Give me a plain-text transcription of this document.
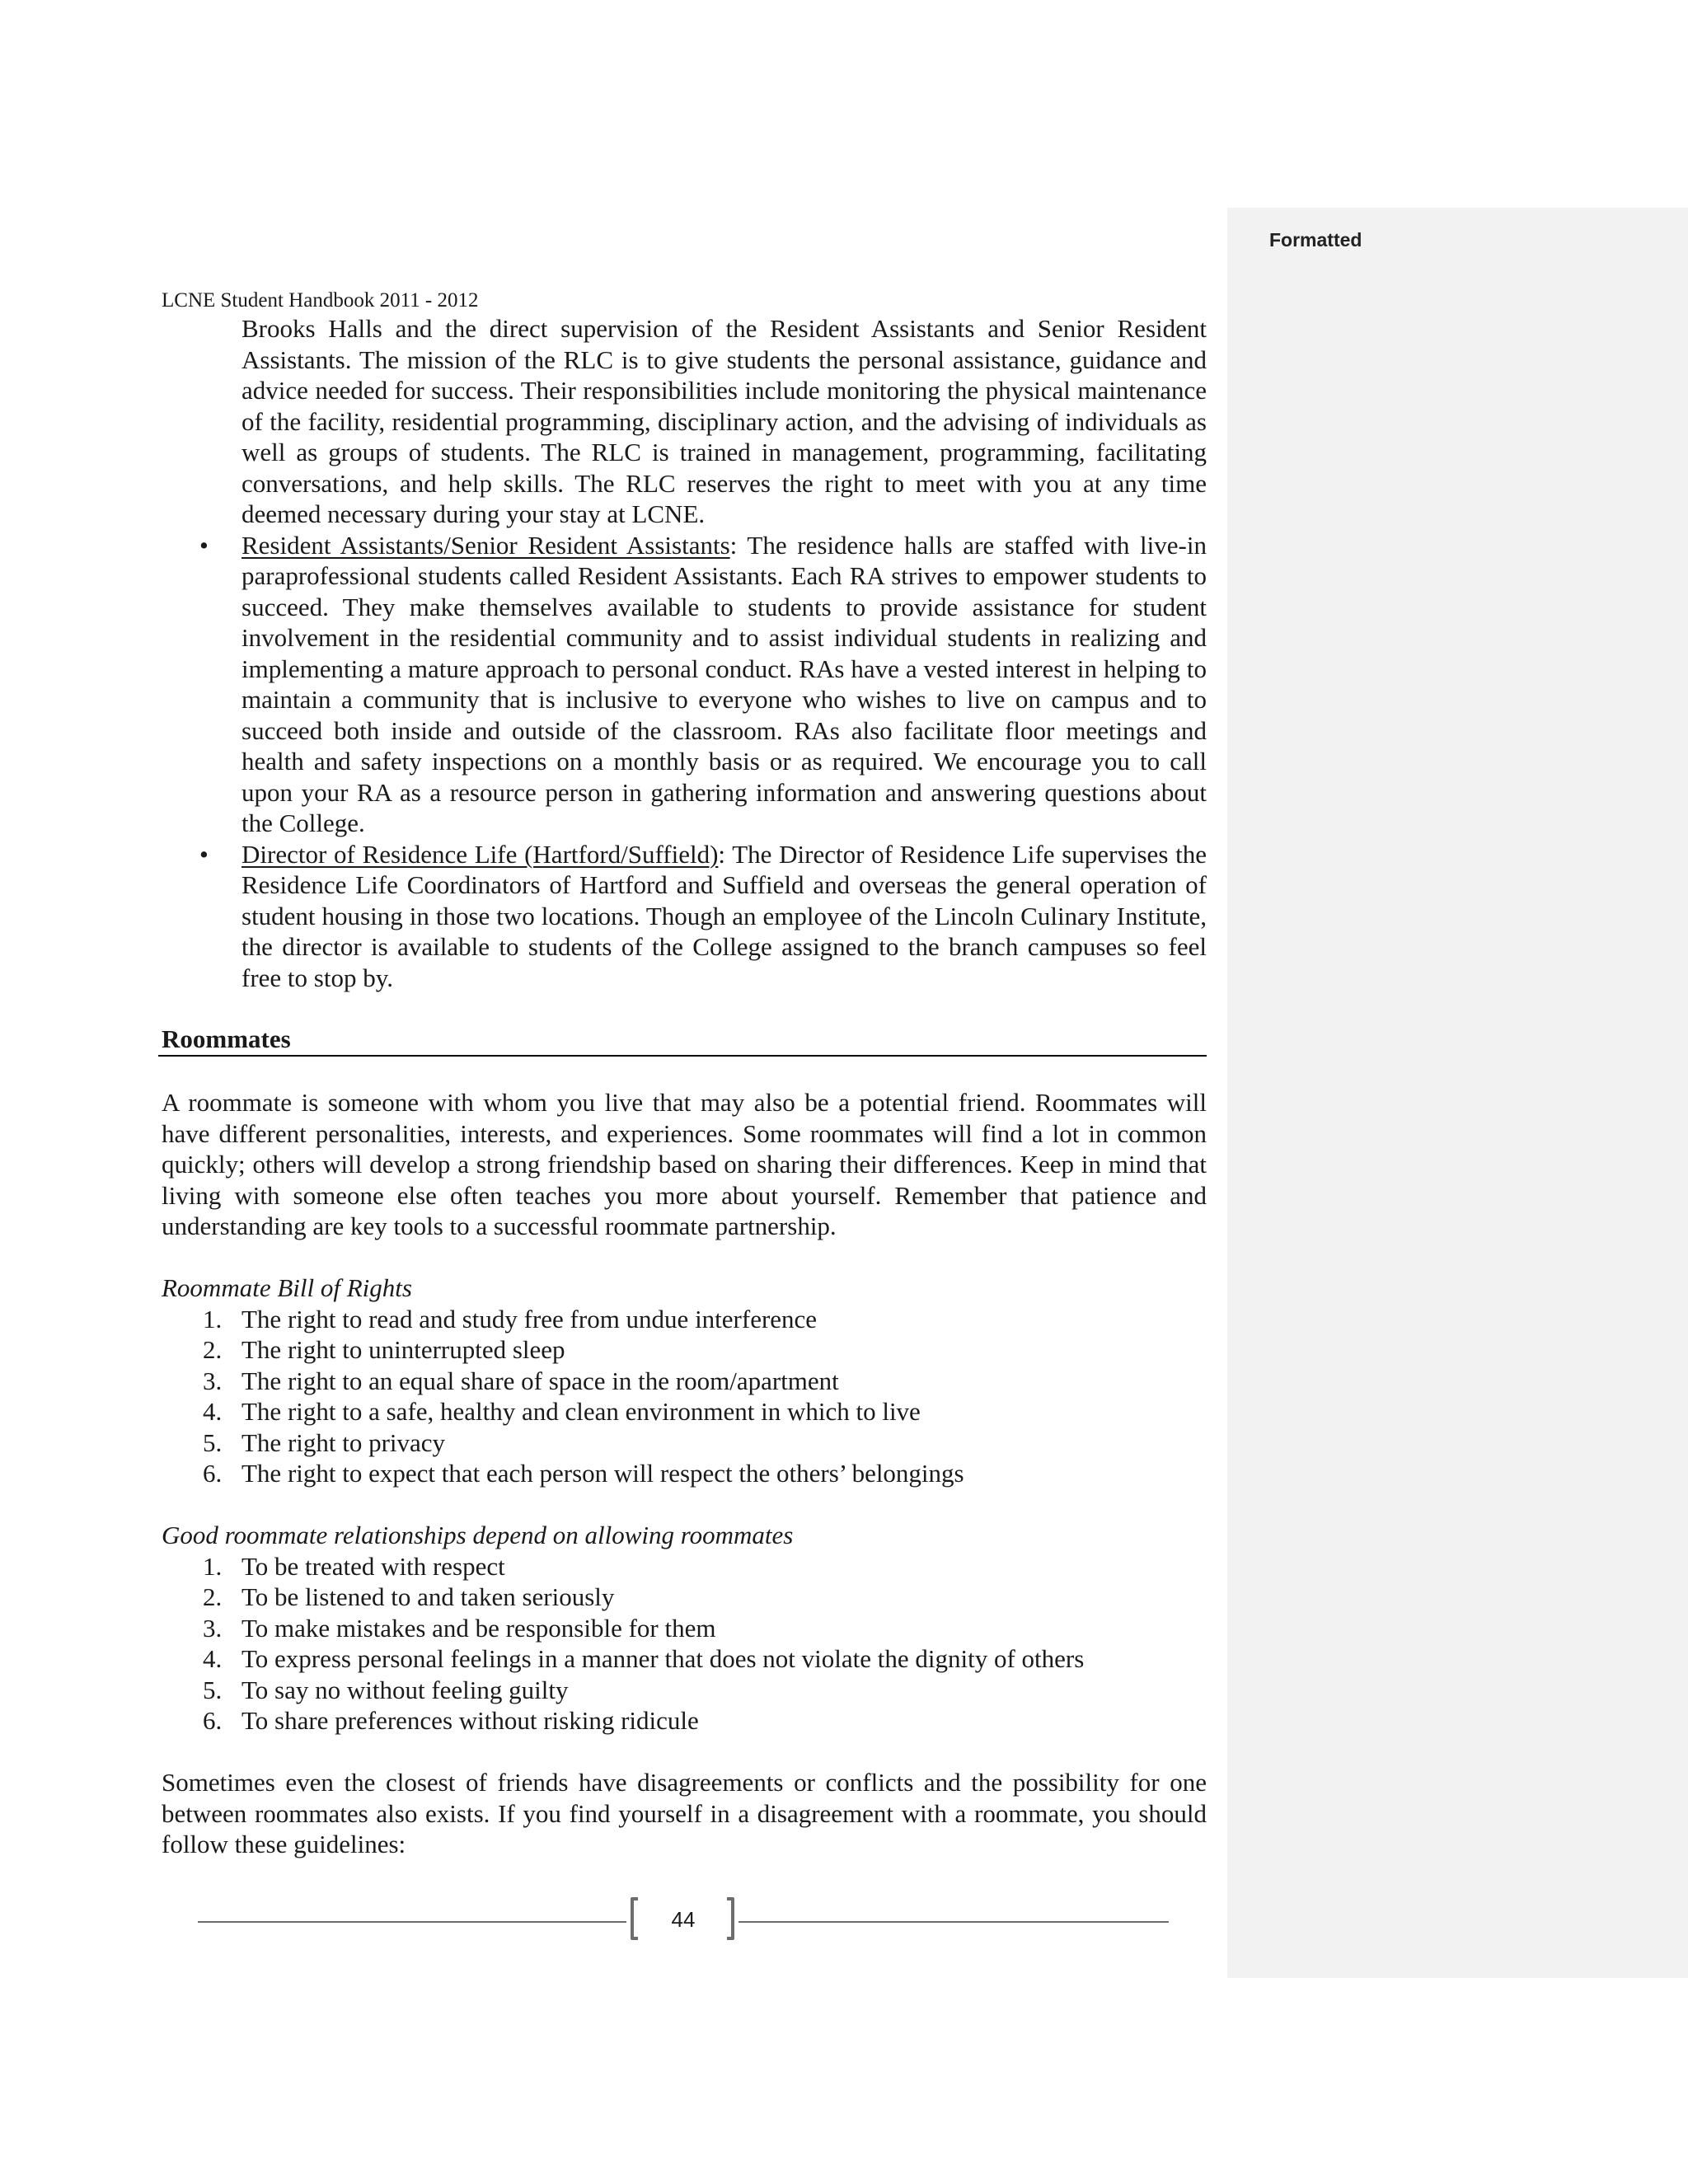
Formatted
LCNE Student Handbook 2011 - 2012

Brooks Halls and the direct supervision of the Resident Assistants and Senior Resident Assistants. The mission of the RLC is to give students the personal assistance, guidance and advice needed for success. Their responsibilities include monitoring the physical maintenance of the facility, residential programming, disciplinary action, and the advising of individuals as well as groups of students. The RLC is trained in management, programming, facilitating conversations, and help skills. The RLC reserves the right to meet with you at any time deemed necessary during your stay at LCNE.

• Resident Assistants/Senior Resident Assistants: The residence halls are staffed with live-in paraprofessional students called Resident Assistants. Each RA strives to empower students to succeed. They make themselves available to students to provide assistance for student involvement in the residential community and to assist individual students in realizing and implementing a mature approach to personal conduct. RAs have a vested interest in helping to maintain a community that is inclusive to everyone who wishes to live on campus and to succeed both inside and outside of the classroom. RAs also facilitate floor meetings and health and safety inspections on a monthly basis or as required. We encourage you to call upon your RA as a resource person in gathering information and answering questions about the College.
• Director of Residence Life (Hartford/Suffield): The Director of Residence Life supervises the Residence Life Coordinators of Hartford and Suffield and overseas the general operation of student housing in those two locations. Though an employee of the Lincoln Culinary Institute, the director is available to students of the College assigned to the branch campuses so feel free to stop by.
Roommates

A roommate is someone with whom you live that may also be a potential friend. Roommates will have different personalities, interests, and experiences. Some roommates will find a lot in common quickly; others will develop a strong friendship based on sharing their differences. Keep in mind that living with someone else often teaches you more about yourself. Remember that patience and understanding are key tools to a successful roommate partnership.

Roommate Bill of Rights
1. The right to read and study free from undue interference
2. The right to uninterrupted sleep
3. The right to an equal share of space in the room/apartment
4. The right to a safe, healthy and clean environment in which to live
5. The right to privacy
6. The right to expect that each person will respect the others’ belongings
Good roommate relationships depend on allowing roommates
1. To be treated with respect
2. To be listened to and taken seriously
3. To make mistakes and be responsible for them
4. To express personal feelings in a manner that does not violate the dignity of others
5. To say no without feeling guilty
6. To share preferences without risking ridicule

Sometimes even the closest of friends have disagreements or conflicts and the possibility for one between roommates also exists. If you find yourself in a disagreement with a roommate, you should follow these guidelines:

44
